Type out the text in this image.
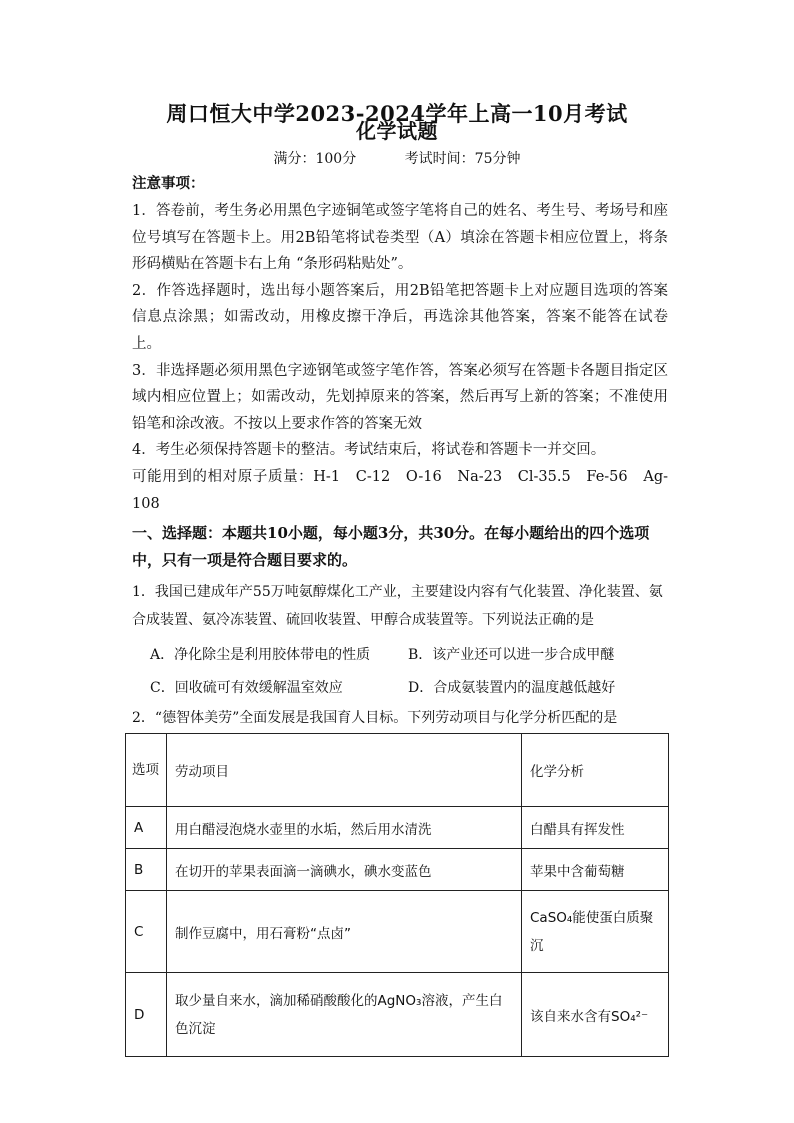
周口恒大中学2023-2024学年上高一10月考试
化学试题
满分：100分	考试时间：75分钟
注意事项：

1．答卷前，考生务必用黑色字迹铜笔或签字笔将自己的姓名、考生号、考场号和座位号填写在答题卡上。用2B铅笔将试卷类型（A）填涂在答题卡相应位置上，将条形码横贴在答题卡右上角 “条形码粘贴处”。

2．作答选择题时，选出每小题答案后，用2B铅笔把答题卡上对应题目选项的答案信息点涂黑；如需改动，用橡皮擦干净后，再选涂其他答案，答案不能答在试卷上。

3．非选择题必须用黑色字迹钢笔或签字笔作答，答案必须写在答题卡各题目指定区域内相应位置上；如需改动，先划掉原来的答案，然后再写上新的答案；不准使用铅笔和涂改液。不按以上要求作答的答案无效

4．考生必须保持答题卡的整洁。考试结束后，将试卷和答题卡一并交回。

可能用到的相对原子质量：H-1　C-12　O-16　Na-23　Cl-35.5　Fe-56　Ag-108

一、选择题：本题共10小题，每小题3分，共30分。在每小题给出的四个选项中，只有一项是符合题目要求的。
1．我国已建成年产55万吨氨醇煤化工产业，主要建设内容有气化装置、净化装置、氨合成装置、氨冷冻装置、硫回收装置、甲醇合成装置等。下列说法正确的是
A．净化除尘是利用胶体带电的性质	B．该产业还可以进一步合成甲醚
C．回收硫可有效缓解温室效应	D．合成氨装置内的温度越低越好
2．“德智体美劳”全面发展是我国育人目标。下列劳动项目与化学分析匹配的是
选项	劳动项目	化学分析
A	用白醋浸泡烧水壶里的水垢，然后用水清洗	白醋具有挥发性
B	在切开的苹果表面滴一滴碘水，碘水变蓝色	苹果中含葡萄糖
C	制作豆腐中，用石膏粉“点卤”	CaSO₄能使蛋白质聚沉
D	取少量自来水，滴加稀硝酸酸化的AgNO₃溶液，产生白色沉淀	该自来水含有SO₄²⁻
